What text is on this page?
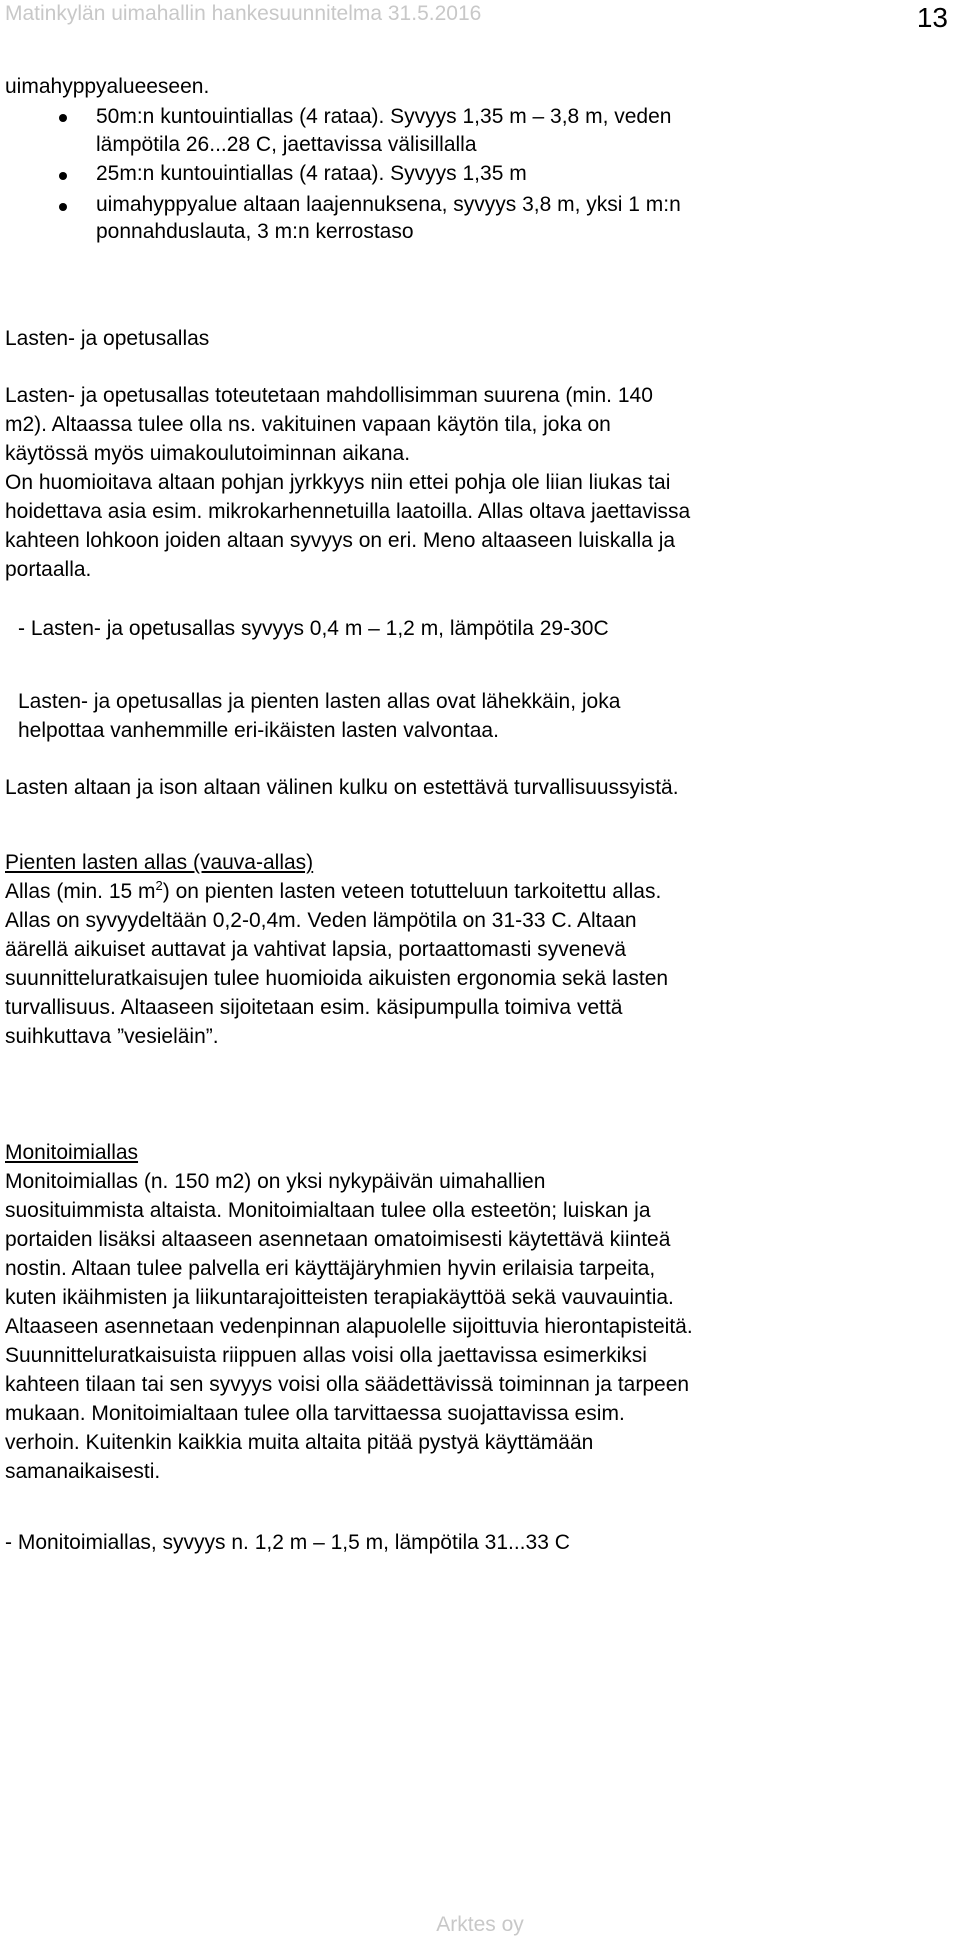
Matinkylän uimahallin hankesuunnitelma 31.5.2016	13
uimahyppyalueeseen.
50m:n kuntouintiallas (4 rataa). Syvyys 1,35 m – 3,8 m, veden
lämpötila 26...28 C, jaettavissa välisillalla
25m:n kuntouintiallas (4 rataa). Syvyys 1,35 m
uimahyppyalue altaan laajennuksena, syvyys 3,8 m, yksi 1 m:n
ponnahduslauta, 3 m:n kerrostaso
Lasten- ja opetusallas
Lasten- ja opetusallas toteutetaan mahdollisimman suurena (min. 140
m2). Altaassa tulee olla ns. vakituinen vapaan käytön tila, joka on
käytössä myös uimakoulutoiminnan aikana.
On huomioitava altaan pohjan jyrkkyys niin ettei pohja ole liian liukas tai
hoidettava asia esim. mikrokarhennetuilla laatoilla. Allas oltava jaettavissa
kahteen lohkoon joiden altaan syvyys on eri. Meno altaaseen luiskalla ja
portaalla.
- Lasten- ja opetusallas syvyys 0,4 m – 1,2 m, lämpötila 29-30C
Lasten- ja opetusallas ja pienten lasten allas ovat lähekkäin, joka
helpottaa vanhemmille eri-ikäisten lasten valvontaa.
Lasten altaan ja ison altaan välinen kulku on estettävä turvallisuussyistä.
Pienten lasten allas (vauva-allas)
Allas (min. 15 $m^2$) on pienten lasten veteen totutteluun tarkoitettu allas.
Allas on syvyydeltään 0,2-0,4m. Veden lämpötila on 31-33 C. Altaan
äärellä aikuiset auttavat ja vahtivat lapsia, portaattomasti syvenevä
suunnitteluratkaisujen tulee huomioida aikuisten ergonomia sekä lasten
turvallisuus. Altaaseen sijoitetaan esim. käsipumpulla toimiva vettä
suihkuttava ”vesieläin”.
Monitoimiallas
Monitoimiallas (n. 150 m2) on yksi nykypäivän uimahallien
suosituimmista altaista. Monitoimialtaan tulee olla esteetön; luiskan ja
portaiden lisäksi altaaseen asennetaan omatoimisesti käytettävä kiinteä
nostin. Altaan tulee palvella eri käyttäjäryhmien hyvin erilaisia tarpeita,
kuten ikäihmisten ja liikuntarajoitteisten terapiakäyttöä sekä vauvauintia.
Altaaseen asennetaan vedenpinnan alapuolelle sijoittuvia hierontapisteitä.
Suunnitteluratkaisuista riippuen allas voisi olla jaettavissa esimerkiksi
kahteen tilaan tai sen syvyys voisi olla säädettävissä toiminnan ja tarpeen
mukaan. Monitoimialtaan tulee olla tarvittaessa suojattavissa esim.
verhoin. Kuitenkin kaikkia muita altaita pitää pystyä käyttämään
samanaikaisesti.
- Monitoimiallas, syvyys n. 1,2 m – 1,5 m, lämpötila 31...33 C
Arktes oy
